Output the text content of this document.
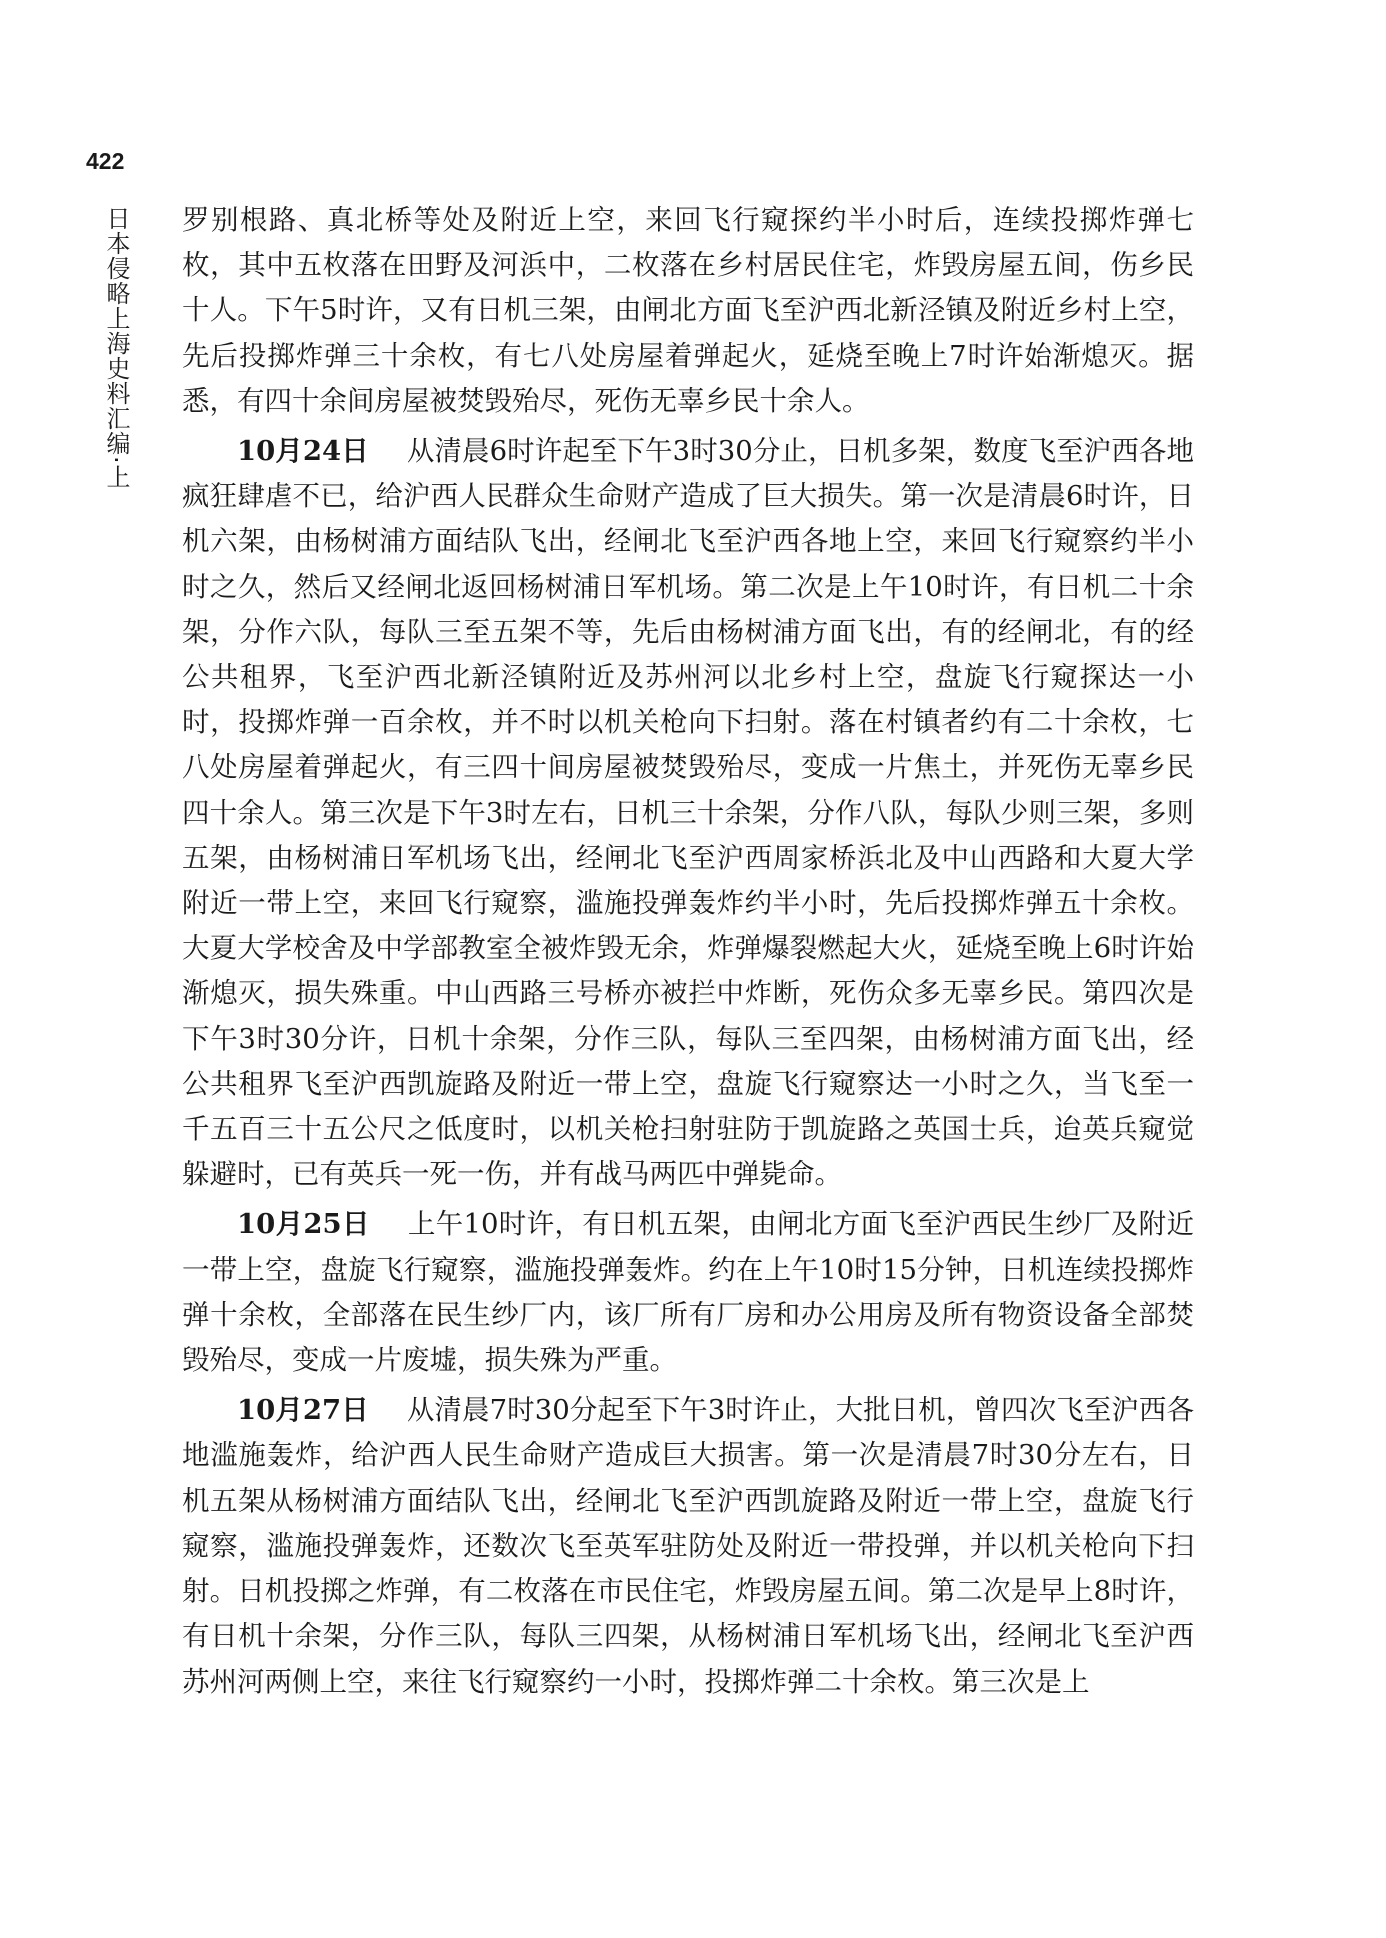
422
日本侵略上海史料汇编·上 罗别根路、真北桥等处及附近上空，来回飞行窥探约半小时后，连续投掷炸弹七枚，其中五枚落在田野及河浜中，二枚落在乡村居民住宅，炸毁房屋五间，伤乡民十人。下午5时许，又有日机三架，由闸北方面飞至沪西北新泾镇及附近乡村上空，先后投掷炸弹三十余枚，有七八处房屋着弹起火，延烧至晚上7时许始渐熄灭。据悉，有四十余间房屋被焚毁殆尽，死伤无辜乡民十余人。

10月24日 从清晨6时许起至下午3时30分止，日机多架，数度飞至沪西各地疯狂肆虐不已，给沪西人民群众生命财产造成了巨大损失。第一次是清晨6时许，日机六架，由杨树浦方面结队飞出，经闸北飞至沪西各地上空，来回飞行窥察约半小时之久，然后又经闸北返回杨树浦日军机场。第二次是上午10时许，有日机二十余架，分作六队，每队三至五架不等，先后由杨树浦方面飞出，有的经闸北，有的经公共租界，飞至沪西北新泾镇附近及苏州河以北乡村上空，盘旋飞行窥探达一小时，投掷炸弹一百余枚，并不时以机关枪向下扫射。落在村镇者约有二十余枚，七八处房屋着弹起火，有三四十间房屋被焚毁殆尽，变成一片焦土，并死伤无辜乡民四十余人。第三次是下午3时左右，日机三十余架，分作八队，每队少则三架，多则五架，由杨树浦日军机场飞出，经闸北飞至沪西周家桥浜北及中山西路和大夏大学附近一带上空，来回飞行窥察，滥施投弹轰炸约半小时，先后投掷炸弹五十余枚。大夏大学校舍及中学部教室全被炸毁无余，炸弹爆裂燃起大火，延烧至晚上6时许始渐熄灭，损失殊重。中山西路三号桥亦被拦中炸断，死伤众多无辜乡民。第四次是下午3时30分许，日机十余架，分作三队，每队三至四架，由杨树浦方面飞出，经公共租界飞至沪西凯旋路及附近一带上空，盘旋飞行窥察达一小时之久，当飞至一千五百三十五公尺之低度时，以机关枪扫射驻防于凯旋路之英国士兵，迨英兵窥觉躲避时，已有英兵一死一伤，并有战马两匹中弹毙命。

10月25日 上午10时许，有日机五架，由闸北方面飞至沪西民生纱厂及附近一带上空，盘旋飞行窥察，滥施投弹轰炸。约在上午10时15分钟，日机连续投掷炸弹十余枚，全部落在民生纱厂内，该厂所有厂房和办公用房及所有物资设备全部焚毁殆尽，变成一片废墟，损失殊为严重。

10月27日 从清晨7时30分起至下午3时许止，大批日机，曾四次飞至沪西各地滥施轰炸，给沪西人民生命财产造成巨大损害。第一次是清晨7时30分左右，日机五架从杨树浦方面结队飞出，经闸北飞至沪西凯旋路及附近一带上空，盘旋飞行窥察，滥施投弹轰炸，还数次飞至英军驻防处及附近一带投弹，并以机关枪向下扫射。日机投掷之炸弹，有二枚落在市民住宅，炸毁房屋五间。第二次是早上8时许，有日机十余架，分作三队，每队三四架，从杨树浦日军机场飞出，经闸北飞至沪西苏州河两侧上空，来往飞行窥察约一小时，投掷炸弹二十余枚。第三次是上
